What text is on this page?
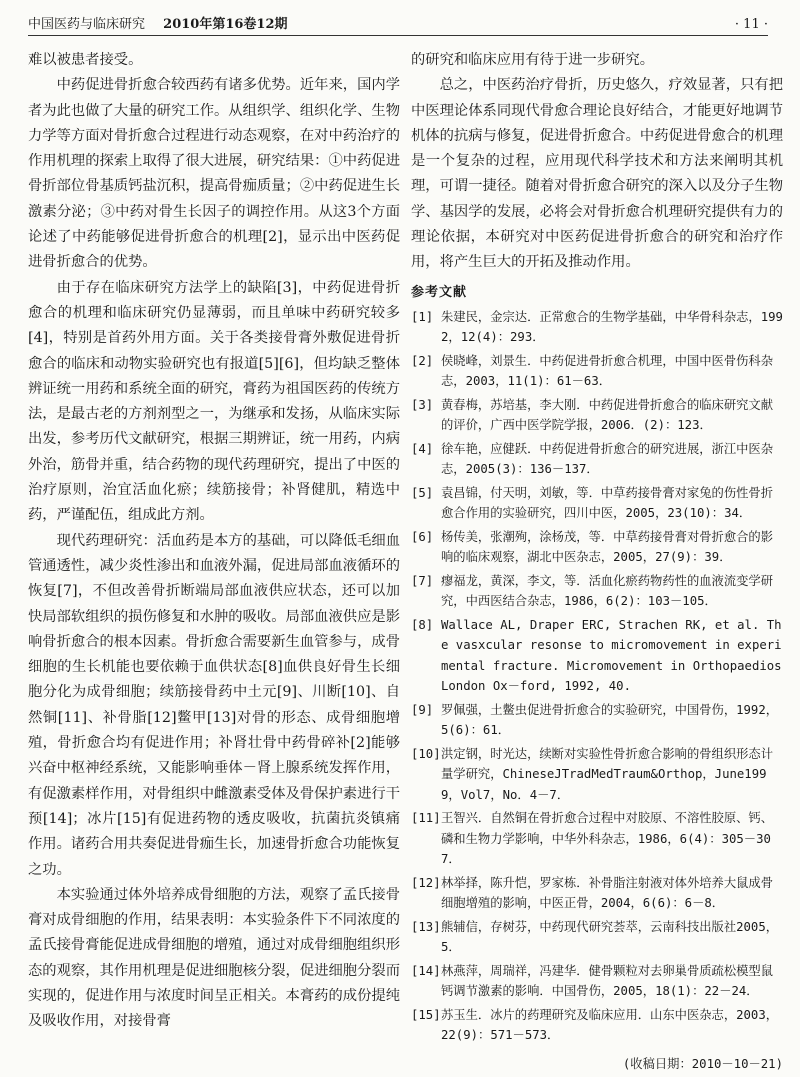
中国医药与临床研究 2010年第16卷12期	· 11 ·

难以被患者接受。

中药促进骨折愈合较西药有诸多优势。近年来，国内学者为此也做了大量的研究工作。从组织学、组织化学、生物力学等方面对骨折愈合过程进行动态观察，在对中药治疗的作用机理的探索上取得了很大进展，研究结果：①中药促进骨折部位骨基质钙盐沉积，提高骨痂质量；②中药促进生长激素分泌；③中药对骨生长因子的调控作用。从这3个方面论述了中药能够促进骨折愈合的机理[2]，显示出中医药促进骨折愈合的优势。

由于存在临床研究方法学上的缺陷[3]，中药促进骨折愈合的机理和临床研究仍显薄弱，而且单味中药研究较多[4]，特别是首药外用方面。关于各类接骨膏外敷促进骨折愈合的临床和动物实验研究也有报道[5][6]，但均缺乏整体辨证统一用药和系统全面的研究，膏药为祖国医药的传统方法，是最古老的方剂剂型之一，为继承和发扬，从临床实际出发，参考历代文献研究，根据三期辨证，统一用药，内病外治，筋骨并重，结合药物的现代药理研究，提出了中医的治疗原则，治宜活血化瘀；续筋接骨；补肾健肌，精选中药，严谨配伍，组成此方剂。

现代药理研究：活血药是本方的基础，可以降低毛细血管通透性，减少炎性渗出和血液外漏，促进局部血液循环的恢复[7]，不但改善骨折断端局部血液供应状态，还可以加快局部软组织的损伤修复和水肿的吸收。局部血液供应是影响骨折愈合的根本因素。骨折愈合需要新生血管参与，成骨细胞的生长机能也要依赖于血供状态[8]血供良好骨生长细胞分化为成骨细胞；续筋接骨药中土元[9]、川断[10]、自然铜[11]、补骨脂[12]鳖甲[13]对骨的形态、成骨细胞增殖，骨折愈合均有促进作用；补肾壮骨中药骨碎补[2]能够兴奋中枢神经系统，又能影响垂体－肾上腺系统发挥作用，有促激素样作用，对骨组织中雌激素受体及骨保护素进行干预[14]；冰片[15]有促进药物的透皮吸收，抗菌抗炎镇痛作用。诸药合用共奏促进骨痂生长，加速骨折愈合功能恢复之功。

本实验通过体外培养成骨细胞的方法，观察了孟氏接骨膏对成骨细胞的作用，结果表明：本实验条件下不同浓度的孟氏接骨膏能促进成骨细胞的增殖，通过对成骨细胞组织形态的观察，其作用机理是促进细胞核分裂，促进细胞分裂而实现的，促进作用与浓度时间呈正相关。本膏药的成份提纯及吸收作用，对接骨膏

的研究和临床应用有待于进一步研究。

总之，中医药治疗骨折，历史悠久，疗效显著，只有把中医理论体系同现代骨愈合理论良好结合，才能更好地调节机体的抗病与修复，促进骨折愈合。中药促进骨愈合的机理是一个复杂的过程，应用现代科学技术和方法来阐明其机理，可谓一捷径。随着对骨折愈合研究的深入以及分子生物学、基因学的发展，必将会对骨折愈合机理研究提供有力的理论依据，本研究对中医药促进骨折愈合的研究和治疗作用，将产生巨大的开拓及推动作用。

参考文献
[1] 朱建民，金宗达．正常愈合的生物学基础，中华骨科杂志，1992，12(4)：293．
[2] 侯晓峰，刘景生．中药促进骨折愈合机理，中国中医骨伤科杂志，2003，11(1)：61－63．
[3] 黄春梅，苏培基，李大刚．中药促进骨折愈合的临床研究文献的评价，广西中医学院学报，2006．(2)：123．
[4] 徐车艳，应健跃．中药促进骨折愈合的研究进展，浙江中医杂志，2005(3)：136－137．
[5] 袁昌锦，付天明，刘敏，等．中草药接骨膏对家兔的伤性骨折愈合作用的实验研究，四川中医，2005，23(10)：34．
[6] 杨传美，张潮殉，涂杨茂，等．中草药接骨膏对骨折愈合的影响的临床观察，湖北中医杂志，2005，27(9)：39．
[7] 瘳福龙，黄深，李文，等．活血化瘀药物药性的血液流变学研究，中西医结合杂志，1986，6(2)：103－105．
[8] Wallace AL, Draper ERC, Strachen RK, et al. The vasxcular resonse to micromovement in experimental fracture. Micromovement in Orthopaedios London Ox－ford, 1992, 40.
[9] 罗佩强，土鳖虫促进骨折愈合的实验研究，中国骨伤，1992，5(6)：61．
[10] 洪定钢，时光达，续断对实验性骨折愈合影响的骨组织形态计量学研究，ChineseJTradMedTraum&Orthop，June1999，Vol7，No．4－7．
[11] 王智兴．自然铜在骨折愈合过程中对胶原、不溶性胶原、钙、磷和生物力学影响，中华外科杂志，1986，6(4)：305－307．
[12] 林举择，陈升恺，罗家栋．补骨脂注射液对体外培养大鼠成骨细胞增殖的影响，中医正骨，2004，6(6)：6－8．
[13] 熊辅信，存树芬，中药现代研究荟萃，云南科技出版社2005，5．
[14] 林燕萍，周瑞祥，冯建华．健骨颗粒对去卵巢骨质疏松模型鼠钙调节激素的影响．中国骨伤，2005，18(1)：22－24．
[15] 苏玉生．冰片的药理研究及临床应用．山东中医杂志，2003，22(9)：571－573．
(收稿日期：2010－10－21)
